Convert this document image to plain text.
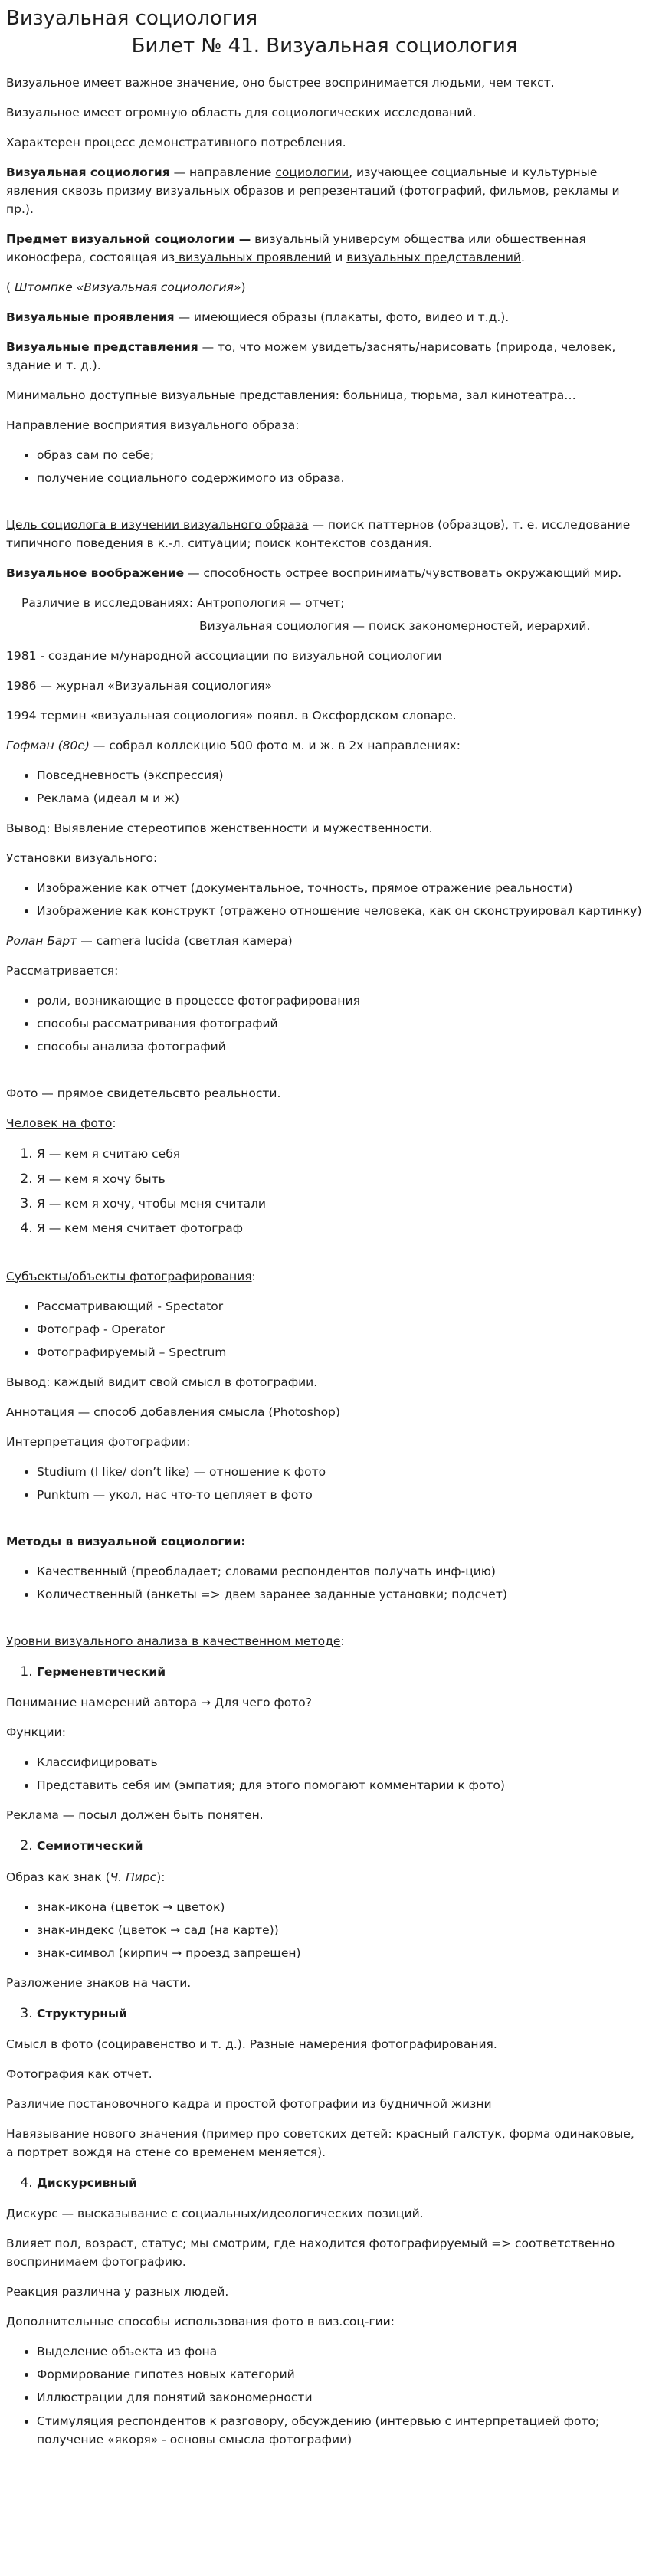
Визуальная социология
Билет № 41. Визуальная социология

Визуальное имеет важное значение, оно быстрее воспринимается людьми, чем текст.

Визуальное имеет огромную область для социологических исследований.

Характерен процесс демонстративного потребления.

Визуальная социология — направление социологии, изучающее социальные и культурные явления сквозь призму визуальных образов и репрезентаций (фотографий, фильмов, рекламы и пр.).

Предмет визуальной социологии — визуальный универсум общества или общественная иконосфера, состоящая из визуальных проявлений и визуальных представлений.

( Штомпке «Визуальная социология»)

Визуальные проявления — имеющиеся образы (плакаты, фото, видео и т.д.).

Визуальные представления — то, что можем увидеть/заснять/нарисовать (природа, человек, здание и т. д.).

Минимально доступные визуальные представления: больница, тюрьма, зал кинотеатра…

Направление восприятия визуального образа:

• образ сам по себе;
• получение социального содержимого из образа.

Цель социолога в изучении визуального образа — поиск паттернов (образцов), т. е. исследование типичного поведения в к.-л. ситуации; поиск контекстов создания.

Визуальное воображение — способность острее воспринимать/чувствовать окружающий мир.

Различие в исследованиях: Антропология — отчет;

Визуальная социология — поиск закономерностей, иерархий.

1981 - создание м/ународной ассоциации по визуальной социологии

1986 — журнал «Визуальная социология»

1994 термин «визуальная социология» появл. в Оксфордском словаре.

Гофман (80е) — собрал коллекцию 500 фото м. и ж. в 2х направлениях:

• Повседневность (экспрессия)
• Реклама (идеал м и ж)

Вывод: Выявление стереотипов женственности и мужественности.

Установки визуального:

• Изображение как отчет (документальное, точность, прямое отражение реальности)
• Изображение как конструкт (отражено отношение человека, как он сконструировал картинку)

Ролан Барт — camera lucida (светлая камера)

Рассматривается:

• роли, возникающие в процессе фотографирования
• способы рассматривания фотографий
• способы анализа фотографий

Фото — прямое свидетельсвто реальности.

Человек на фото:

1. Я — кем я считаю себя
2. Я — кем я хочу быть
3. Я — кем я хочу, чтобы меня считали
4. Я — кем меня считает фотограф

Субъекты/объекты фотографирования:

• Рассматривающий - Spectator
• Фотограф - Operator
• Фотографируемый – Spectrum

Вывод: каждый видит свой смысл в фотографии.

Аннотация — способ добавления смысла (Photoshop)

Интерпретация фотографии:

• Studium (I like/ don’t like) — отношение к фото
• Punktum — укол, нас что-то цепляет в фото

Методы в визуальной социологии:

• Качественный (преобладает; словами респондентов получать инф-цию)
• Количественный (анкеты => двем заранее заданные установки; подсчет)

Уровни визуального анализа в качественном методе:

1. Герменевтический

Понимание намерений автора → Для чего фото?

Функции:

• Классифицировать
• Представить себя им (эмпатия; для этого помогают комментарии к фото)

Реклама — посыл должен быть понятен.

2. Семиотический

Образ как знак (Ч. Пирс):

• знак-икона (цветок → цветок)
• знак-индекс (цветок → сад (на карте))
• знак-символ (кирпич → проезд запрещен)

Разложение знаков на части.

3. Структурный

Смысл в фото (социравенство и т. д.). Разные намерения фотографирования.

Фотография как отчет.

Различие постановочного кадра и простой фотографии из будничной жизни

Навязывание нового значения (пример про советских детей: красный галстук, форма одинаковые, а портрет вождя на стене со временем меняется).

4. Дискурсивный

Дискурс — высказывание с социальных/идеологических позиций.

Влияет пол, возраст, статус; мы смотрим, где находится фотографируемый => соответственно воспринимаем фотографию.

Реакция различна у разных людей.

Дополнительные способы использования фото в виз.соц-гии:

• Выделение объекта из фона
• Формирование гипотез новых категорий
• Иллюстрации для понятий закономерности
• Стимуляция респондентов к разговору, обсуждению (интервью с интерпретацией фото; получение «якоря» - основы смысла фотографии)
